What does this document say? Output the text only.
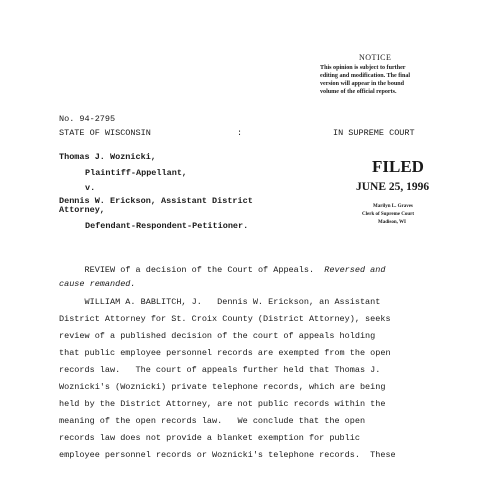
NOTICE
This opinion is subject to further
editing and modification. The final
version will appear in the bound
volume of the official reports.
No. 94-2795
STATE OF WISCONSIN	:	IN SUPREME COURT
Thomas J. Woznicki,
Plaintiff-Appellant,
v.
Dennis W. Erickson, Assistant District
Attorney,
Defendant-Respondent-Petitioner.
FILED
JUNE 25, 1996
Marilyn L. Graves
Clerk of Supreme Court
Madison, WI
REVIEW of a decision of the Court of Appeals. Reversed and
cause remanded.
WILLIAM A. BABLITCH, J.   Dennis W. Erickson, an Assistant
District Attorney for St. Croix County (District Attorney), seeks
review of a published decision of the court of appeals holding
that public employee personnel records are exempted from the open
records law.   The court of appeals further held that Thomas J.
Woznicki's (Woznicki) private telephone records, which are being
held by the District Attorney, are not public records within the
meaning of the open records law.   We conclude that the open
records law does not provide a blanket exemption for public
employee personnel records or Woznicki's telephone records.  These
